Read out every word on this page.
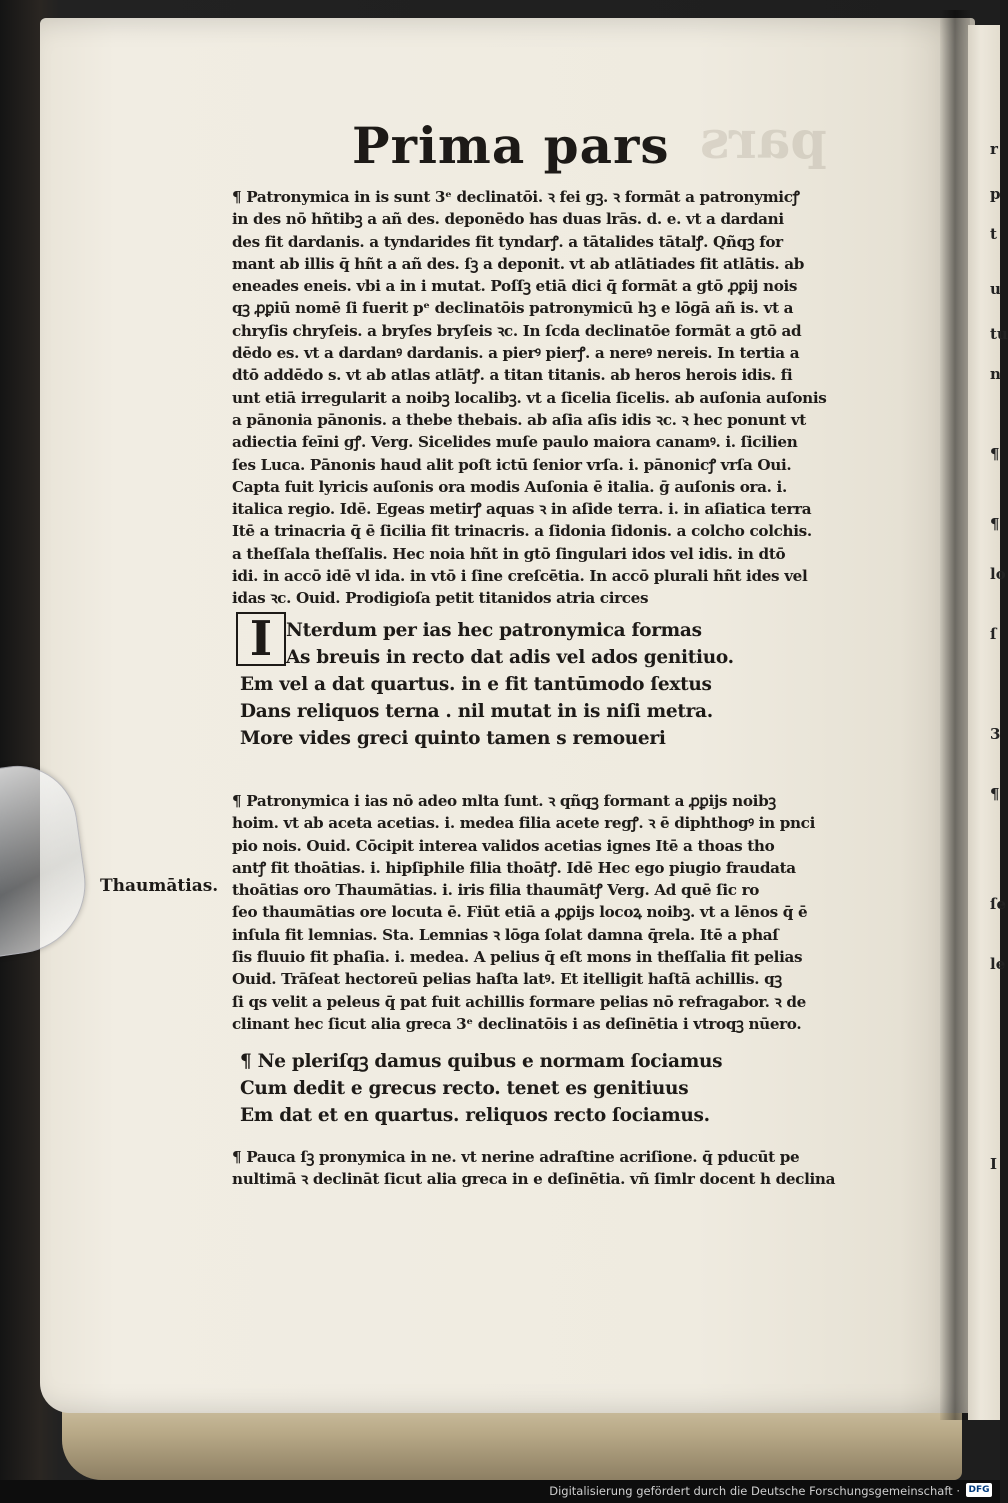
r
p
t
u
tu
n
¶
¶
lo
ſ
3
¶
ſe
le
I
pars
Prima pars
¶ Patronymica in is sunt 3ᵉ declinatōi. ꝛ fei gꝫ. ꝛ formāt a patronymicꝭ
in des nō hñtibꝫ a añ des. deponēdo has duas lrās. d. e. vt a dardani
des fit dardanis. a tyndarides fit tyndarꝭ. a tātalides tātalꝭ. Qñqꝫ for
mant ab illis q̄ hñt a añ des. ſꝫ a deponit. vt ab atlātiades fit atlātis. ab
eneades eneis. vbi a in i mutat. Poſſꝫ etiā dici q̄ formāt a gtō ꝓꝑij nois
qꝫ ꝓꝑiū nomē ſi fuerit pᵉ declinatōis patronymicū hꝫ e lōgā añ is. vt a
chryſis chryſeis. a bryſes bryſeis ꝛc. In ſcda declinatōe formāt a gtō ad
dēdo es. vt a dardanꝰ dardanis. a pierꝰ pierꝭ. a nereꝰ nereis. In tertia a
dtō addēdo s. vt ab atlas atlātꝭ. a titan titanis. ab heros herois idis. fi
unt etiā irregularit a noibꝫ localibꝫ. vt a ſicelia ſicelis. ab auſonia auſonis
a pānonia pānonis. a thebe thebais. ab aſia aſis idis ꝛc. ꝛ hec ponunt vt
adiectia feīni gꝭ. Verg. Sicelides muſe paulo maiora canamꝰ. i. ſicilien
ſes Luca. Pānonis haud alit poſt ictū ſenior vrſa. i. pānonicꝭ vrſa Oui.
Capta fuit lyricis auſonis ora modis Auſonia ē italia. ḡ auſonis ora. i.
italica regio. Idē. Egeas metirꝭ aquas ꝛ in aſide terra. i. in aſiatica terra
Itē a trinacria q̄ ē ſicilia fit trinacris. a ſidonia ſidonis. a colcho colchis.
a theſſala theſſalis. Hec noia hñt in gtō ſingulari idos vel idis. in dtō
idi. in accō idē vl ida. in vtō i ſine creſcētia. In accō plurali hñt ides vel
idas ꝛc. Ouid. Prodigioſa petit titanidos atria circes
I Nterdum per ias hec patronymica formas
As breuis in recto dat adis vel ados genitiuo.
Em vel a dat quartus. in e fit tantūmodo ſextus
Dans reliquos terna . nil mutat in is niſi metra.
More vides greci quinto tamen s remoueri
¶ Patronymica i ias nō adeo mlta ſunt. ꝛ qñqꝫ formant a ꝓꝑijs noibꝫ
hoim. vt ab aceta acetias. i. medea filia acete regꝭ. ꝛ ē diphthogꝰ in pnci
pio nois. Ouid. Cōcipit interea validos acetias ignes Itē a thoas tho
antꝭ fit thoātias. i. hipſiphile filia thoātꝭ. Idē Hec ego piugio fraudata
thoātias oro Thaumātias. i. iris filia thaumātꝭ Verg. Ad quē ſic ro
ſeo thaumātias ore locuta ē. Fiūt etiā a ꝓꝑijs locoꝝ noibꝫ. vt a lēnos q̄ ē
inſula fit lemnias. Sta. Lemnias ꝛ lōga ſolat damna q̄rela. Itē a phaſ
ſis fluuio fit phaſia. i. medea. A pelius q̄ eſt mons in theſſalia fit pelias
Ouid. Trāſeat hectoreū pelias haſta latꝰ. Et itelligit haſtā achillis. qꝫ
ſi qs velit a peleus q̄ pat fuit achillis formare pelias nō refragabor. ꝛ de
clinant hec ſicut alia greca 3ᵉ declinatōis i as deſinētia i vtroqꝫ nūero.
Thaumātias.
¶ Ne pleriſqꝫ damus quibus e normam ſociamus
Cum dedit e grecus recto. tenet es genitiuus
Em dat et en quartus. reliquos recto ſociamus.
¶ Pauca ſꝫ pronymica in ne. vt nerine adraſtine acriſione. q̄ pducūt pe
nultimā ꝛ declināt ſicut alia greca in e deſinētia. vñ ſimlr docent h declina
Digitalisierung gefördert durch die Deutsche Forschungsgemeinschaft · DFG
